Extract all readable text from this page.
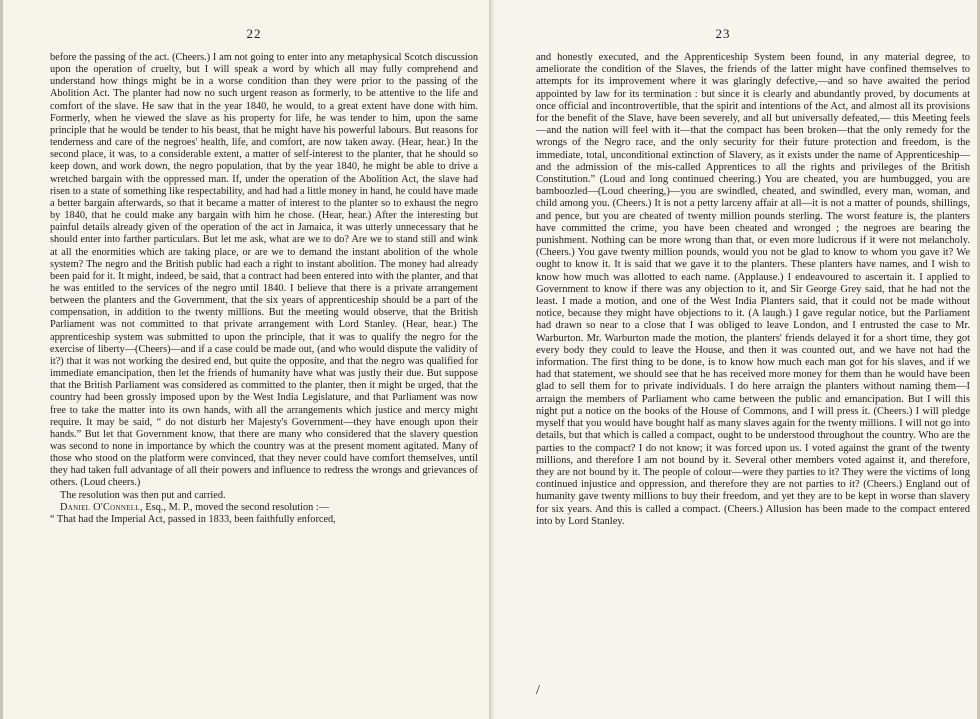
22

before the passing of the act. (Cheers.) I am not going to enter into any metaphysical Scotch discussion upon the operation of cruelty, but I will speak a word by which all may fully comprehend and understand how things might be in a worse condition than they were prior to the passing of the Abolition Act. The planter had now no such urgent reason as formerly, to be attentive to the life and comfort of the slave. He saw that in the year 1840, he would, to a great extent have done with him. Formerly, when he viewed the slave as his property for life, he was tender to him, upon the same principle that he would be tender to his beast, that he might have his powerful labours. But reasons for tenderness and care of the negroes' health, life, and comfort, are now taken away. (Hear, hear.) In the second place, it was, to a considerable extent, a matter of self-interest to the planter, that he should so keep down, and work down, the negro population, that by the year 1840, he might be able to drive a wretched bargain with the oppressed man. If, under the operation of the Abolition Act, the slave had risen to a state of something like respectability, and had had a little money in hand, he could have made a better bargain afterwards, so that it became a matter of interest to the planter so to exhaust the negro by 1840, that he could make any bargain with him he chose. (Hear, hear.) After the interesting but painful details already given of the operation of the act in Jamaica, it was utterly unnecessary that he should enter into farther particulars. But let me ask, what are we to do? Are we to stand still and wink at all the enormities which are taking place, or are we to demand the instant abolition of the whole system? The negro and the British public had each a right to instant abolition. The money had already been paid for it. It might, indeed, be said, that a contract had been entered into with the planter, and that he was entitled to the services of the negro until 1840. I believe that there is a private arrangement between the planters and the Government, that the six years of apprenticeship should be a part of the compensation, in addition to the twenty millions. But the meeting would observe, that the British Parliament was not committed to that private arrangement with Lord Stanley. (Hear, hear.) The apprenticeship system was submitted to upon the principle, that it was to qualify the negro for the exercise of liberty—(Cheers)—and if a case could be made out, (and who would dispute the validity of it?) that it was not working the desired end, but quite the opposite, and that the negro was qualified for immediate emancipation, then let the friends of humanity have what was justly their due. But suppose that the British Parliament was considered as committed to the planter, then it might be urged, that the country had been grossly imposed upon by the West India Legislature, and that Parliament was now free to take the matter into its own hands, with all the arrangements which justice and mercy might require. It may be said, “ do not disturb her Majesty's Government—they have enough upon their hands.” But let that Government know, that there are many who considered that the slavery question was second to none in importance by which the country was at the present moment agitated. Many of those who stood on the platform were convinced, that they never could have comfort themselves, until they had taken full advantage of all their powers and influence to redress the wrongs and grievances of others. (Loud cheers.)

The resolution was then put and carried.

Daniel O'Connell, Esq., M. P., moved the second resolution :—

“ That had the Imperial Act, passed in 1833, been faithfully enforced,

23

and honestly executed, and the Apprenticeship System been found, in any material degree, to ameliorate the condition of the Slaves, the friends of the latter might have confined themselves to attempts for its improvement where it was glaringly defective,—and so have awaited the period appointed by law for its termination : but since it is clearly and abundantly proved, by documents at once official and incontrovertible, that the spirit and intentions of the Act, and almost all its provisions for the benefit of the Slave, have been severely, and all but universally defeated,— this Meeting feels—and the nation will feel with it—that the compact has been broken—that the only remedy for the wrongs of the Negro race, and the only security for their future protection and freedom, is the immediate, total, unconditional extinction of Slavery, as it exists under the name of Apprenticeship—and the admission of the mis-called Apprentices to all the rights and privileges of the British Constitution.” (Loud and long continued cheering.) You are cheated, you are humbugged, you are bamboozled—(Loud cheering,)—you are swindled, cheated, and swindled, every man, woman, and child among you. (Cheers.) It is not a petty larceny affair at all—it is not a matter of pounds, shillings, and pence, but you are cheated of twenty million pounds sterling. The worst feature is, the planters have committed the crime, you have been cheated and wronged ; the negroes are bearing the punishment. Nothing can be more wrong than that, or even more ludicrous if it were not melancholy. (Cheers.) You gave twenty million pounds, would you not be glad to know to whom you gave it? We ought to know it. It is said that we gave it to the planters. These planters have names, and I wish to know how much was allotted to each name. (Applause.) I endeavoured to ascertain it. I applied to Government to know if there was any objection to it, and Sir George Grey said, that he had not the least. I made a motion, and one of the West India Planters said, that it could not be made without notice, because they might have objections to it. (A laugh.) I gave regular notice, but the Parliament had drawn so near to a close that I was obliged to leave London, and I entrusted the case to Mr. Warburton. Mr. Warburton made the motion, the planters' friends delayed it for a short time, they got every body they could to leave the House, and then it was counted out, and we have not had the information. The first thing to be done, is to know how much each man got for his slaves, and if we had that statement, we should see that he has received more money for them than he would have been glad to sell them for to private individuals. I do here arraign the planters without naming them—I arraign the members of Parliament who came between the public and emancipation. But I will this night put a notice on the books of the House of Commons, and I will press it. (Cheers.) I will pledge myself that you would have bought half as many slaves again for the twenty millions. I will not go into details, but that which is called a compact, ought to be understood throughout the country. Who are the parties to the compact? I do not know; it was forced upon us. I voted against the grant of the twenty millions, and therefore I am not bound by it. Several other members voted against it, and therefore, they are not bound by it. The people of colour—were they parties to it? They were the victims of long continued injustice and oppression, and therefore they are not parties to it? (Cheers.) England out of humanity gave twenty millions to buy their freedom, and yet they are to be kept in worse than slavery for six years. And this is called a compact. (Cheers.) Allusion has been made to the compact entered into by Lord Stanley.

/
